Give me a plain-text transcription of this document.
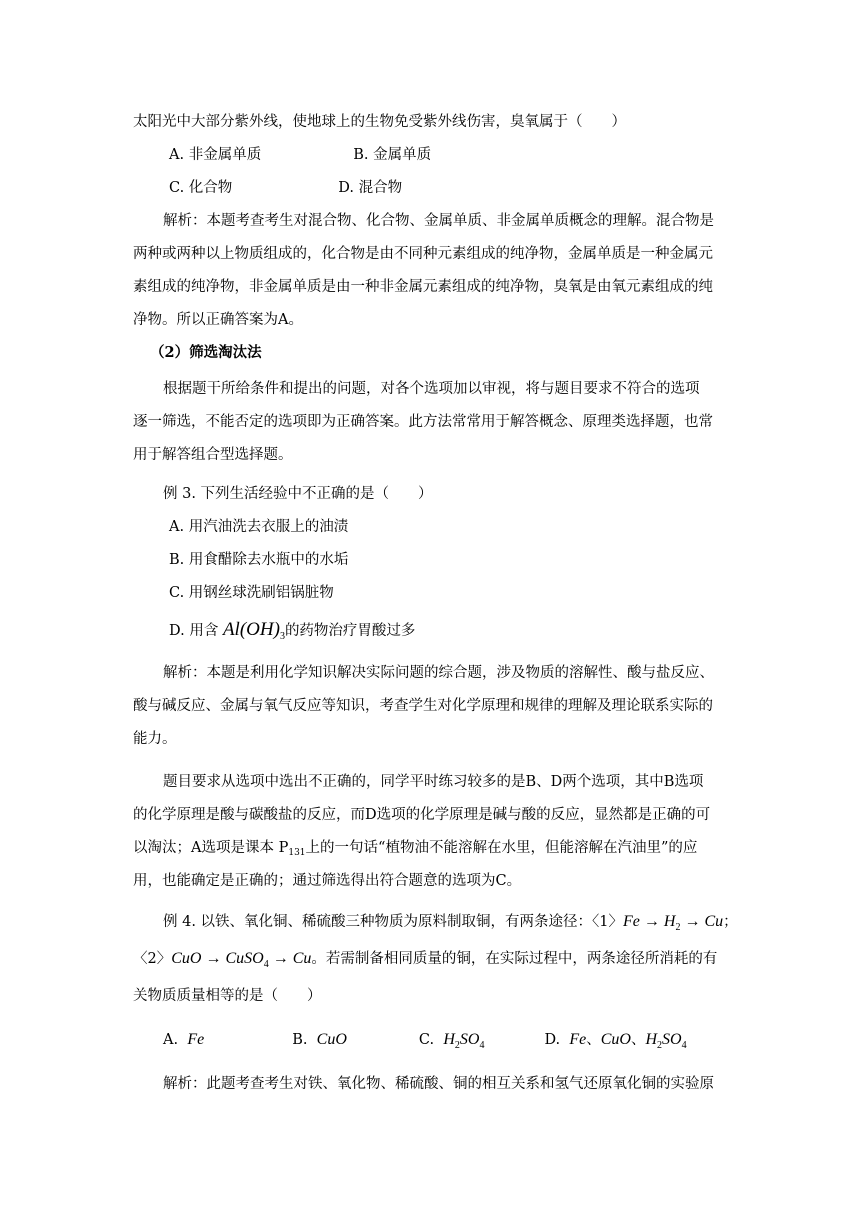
太阳光中大部分紫外线，使地球上的生物免受紫外线伤害，臭氧属于（　　）
A. 非金属单质	B. 金属单质
C. 化合物	D. 混合物
解析：本题考查考生对混合物、化合物、金属单质、非金属单质概念的理解。混合物是
两种或两种以上物质组成的，化合物是由不同种元素组成的纯净物，金属单质是一种金属元
素组成的纯净物，非金属单质是由一种非金属元素组成的纯净物，臭氧是由氧元素组成的纯
净物。所以正确答案为A。
（2）筛选淘汰法
根据题干所给条件和提出的问题，对各个选项加以审视，将与题目要求不符合的选项
逐一筛选，不能否定的选项即为正确答案。此方法常常用于解答概念、原理类选择题，也常
用于解答组合型选择题。
例 3. 下列生活经验中不正确的是（　　）
A. 用汽油洗去衣服上的油渍
B. 用食醋除去水瓶中的水垢
C. 用钢丝球洗刷铝锅脏物
D. 用含 $Al(OH)_3$的药物治疗胃酸过多
解析：本题是利用化学知识解决实际问题的综合题，涉及物质的溶解性、酸与盐反应、
酸与碱反应、金属与氧气反应等知识，考查学生对化学原理和规律的理解及理论联系实际的
能力。
题目要求从选项中选出不正确的，同学平时练习较多的是B、D两个选项，其中B选项
的化学原理是酸与碳酸盐的反应，而D选项的化学原理是碱与酸的反应，显然都是正确的可
以淘汰；A选项是课本 $P_{131}$上的一句话“植物油不能溶解在水里，但能溶解在汽油里”的应
用，也能确定是正确的；通过筛选得出符合题意的选项为C。
例 4. 以铁、氧化铜、稀硫酸三种物质为原料制取铜，有两条途径：〈1〉$Fe \to H_2 \to Cu$；
〈2〉CuO → CuSO$_4$ → Cu。若需制备相同质量的铜，在实际过程中，两条途径所消耗的有
关物质质量相等的是（　　）
A. Fe	B. CuO	C. $H_2SO_4$	D. Fe、CuO、$H_2SO_4$
解析：此题考查考生对铁、氧化物、稀硫酸、铜的相互关系和氢气还原氧化铜的实验原
